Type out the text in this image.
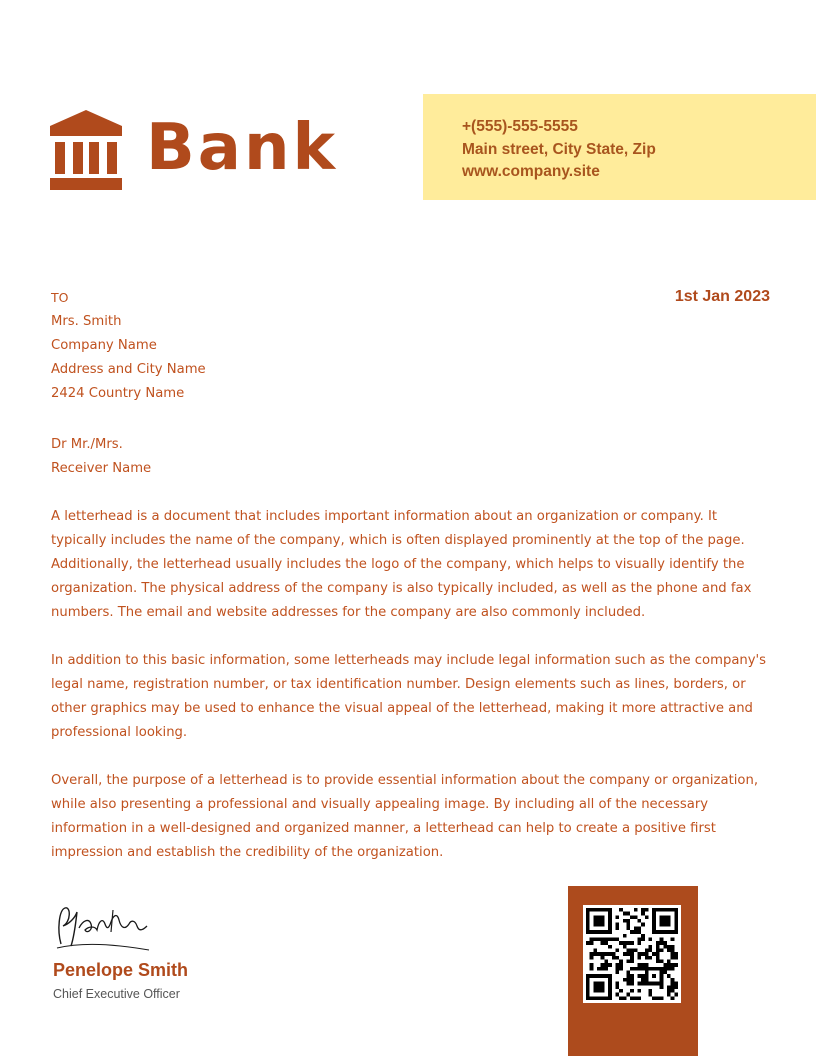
Bank	+(555)-555-5555
Main street, City State, Zip
www.company.site
1st Jan 2023
TO
Mrs. Smith
Company Name
Address and City Name
2424 Country Name
Dr Mr./Mrs.
Receiver Name

A letterhead is a document that includes important information about an organization or company. It typically includes the name of the company, which is often displayed prominently at the top of the page. Additionally, the letterhead usually includes the logo of the company, which helps to visually identify the organization. The physical address of the company is also typically included, as well as the phone and fax numbers. The email and website addresses for the company are also commonly included.

In addition to this basic information, some letterheads may include legal information such as the company's legal name, registration number, or tax identification number. Design elements such as lines, borders, or other graphics may be used to enhance the visual appeal of the letterhead, making it more attractive and professional looking.

Overall, the purpose of a letterhead is to provide essential information about the company or organization, while also presenting a professional and visually appealing image. By including all of the necessary information in a well-designed and organized manner, a letterhead can help to create a positive first impression and establish the credibility of the organization.

Penelope Smith
Chief Executive Officer
